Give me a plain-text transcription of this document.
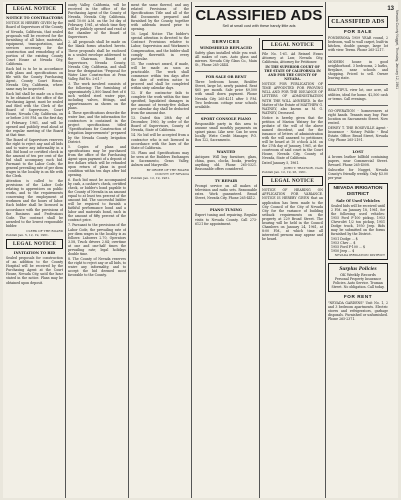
13
LEGAL NOTICE
NOTICE TO CONTRACTORS

NOTICE IS HEREBY GIVEN by the Board of Supervisors of the County of Nevada, California, that sealed proposals will be received for the furnishing of all labor, materials, equipment, transportation, and services necessary for the construction and remodeling of a portion of the existing County Court House at Nevada City, California.

Each bid is to be in accordance with plans and specifications on file with the County Purchasing Agent, County Court House, Nevada City, California, where same may be inspected.

Each bid shall be made on a form to be obtained at the office of the Purchasing Agent, must be sealed and filed with the Clerk of the Board of Supervisors, Court House, Nevada City, California, on or before 2:00 P.M. on the first day of February, 1961, and will be opened and publicly read aloud at the regular meeting of the Board at that time.

The Board of Supervisors reserves the right to reject any and all bids and to waive any informality in a bid. Bid bond or certified check in the amount of ten per cent of the bid shall accompany each bid. Pursuant to the Labor Code, the general prevailing rate of per diem wages in the locality is on file with the Clerk.

Attention is called to the provisions of the Labor Code relating to apprentices on public works, and to the requirements concerning the employment of workmen and the hours of labor. Each bidder shall be licensed in accordance with the provisions of the Business and Professions Code. The contract shall be awarded to the lowest responsible bidder.

CLERK OF THE BOARD
Publish Jan. 5, 12, 19, 1961.
LEGAL NOTICE
INVITATION TO BID

Sealed proposals for construction of an addition to the County Hospital will be received by the Purchasing Agent at the Court House, Nevada City, until the hour stated in the notice. Plans may be obtained upon deposit.

ounty Valley, California, will be received in the office of the Purchasing Agent of the County of Nevada, Nevada City, California, until 10:00 A.M. on the 1st day of February, 1961, at which time they will be publicly opened and read at the chamber of the Board of Supervisors.

2. All proposals shall be made on the blank forms attached hereto. These proposals shall be enclosed in a sealed envelope addressed to the Chairman, Board of Supervisors, Nevada County, Nevada City, California, and shall bear the designation "Proposal for Water Line Construction at Penn Valley, Bid No. 2-61."

3. The work involved consists of the following: The furnishing of approximately 2,800 lineal feet of 6 inch welded steel water pipe, including valves, fittings, and appurtenances as shown on the plans.

4. These specifications describe the water line, and the information for contractors is contained in the project specifications titled "Specifications for Construction of Irrigation Improvements" prepared by the Nevada County Irrigation District.

5. Copies of plans and specifications may be purchased from the office of the Purchasing Agent upon payment of a deposit of five dollars which will be refunded upon return of plans in good condition within ten days after bid opening.

6. Each bid must be accompanied by cash, a cashier's check, certified check, or bidder's bond payable to the County of Nevada in an amount equal to at least ten percent of the amount bid. The successful bidder will be required to furnish a faithful performance bond and a labor and materials bond, each in the amount of fifty percent of the contract price.

7. Pursuant to the provisions of the Labor Code, the prevailing rate of per diem wages in the locality is as follows: Laborers 2.70, Operators 3.58, Truck drivers 2.84; overtime at one and one-half times the prevailing rate; legal holidays double time.

8. The County of Nevada reserves the right to reject any or all bids, to waive any informality, and to accept the bid deemed most favorable to the County.

ment the same thereof, and any related Provisions of the Specifications Title and all of the Bid Documents prepared and furnished by the County, together with addenda issued prior to opening.

10. Legal Notice: The bidder's special attention is directed to the Contract Provisions relative to Labor, Supervision and Workmen's Compensation, and the bidder shall comply therewith in every particular.

11. The contract award, if made, will be made as soon as practicable. The work shall commence within ten days after the date of written notice to proceed and shall be completed within sixty calendar days.

12. If the contractor fails to complete the work within the time specified, liquidated damages in the amount of twenty-five dollars per calendar day shall be deducted from the amount due.

13. Dated this 28th day of December, 1960, by order of the Board of Supervisors, County of Nevada, State of California.

14. No bid will be accepted from a contractor who is not licensed in accordance with the laws of the State of California.

15. Plans and Specifications may be seen at the Builders Exchanges in Sacramento, Grass Valley, Auburn and Marysville.

BY ORDER OF THE BOARD
COUNTY OF NEVADA
Publish Jan. 12, 19, 1961.
CLASSIFIED ADS
Sell at small cost with these handy little ads
SERVICES
WINDSHIELD REPLACED

Safety glass installed while you wait. All makes of cars. Auto glass and mirrors. Nevada City Glass Co., Main St., Phone 265-2444.

FOR SALE OR RENT

Three bedroom house, Boulder Street, large lot, newly painted. Rent $65 per month. Sale price $9,500 with small down payment. Phone Nevada City 265-4211 after 5 P.M. Two bedroom cottage near schools available.

SPORT CONSOLE PIANO

Responsible party in this area to assume small monthly payments on spinet piano. Like new. Can be seen locally. Write Credit Manager, P.O. Box 122, Sacramento.

WANTED

Antiques: Will buy furniture, glass, china, guns, clocks, books, jewelry, anything old. Phone 265-5321. Reasonable offers considered.

TV REPAIR

Prompt service on all makes of television and radio sets. Reasonable rates. Work guaranteed. Broad Street, Nevada City. Phone 265-4412.

PIANO TUNING

Expert tuning and repairing. Regular visits to Nevada County. Call 273-6121 for appointment.

LEGAL NOTICE

File No. 1-61. Ad Reinsel Evans Attorney at Law, Nevada City, California, Attorney for Petitioner.

IN THE SUPERIOR COURT OF THE STATE OF CALIFORNIA IN AND FOR THE COUNTY OF NEVADA.

NOTICE FOR PUBLICATION OF TIME APPOINTED FOR PROVING WILL AND FOR THE ISSUANCE OF LETTERS OF ADMINISTRATION WITH THE WILL ANNEXED. In the Matter of the Estate of MATTHEW G. WATNEY, also known as M. G. WATNEY, Deceased.

Notice is hereby given that the petition of Marion Watney for the probate of the will of the above named decedent, and for the issuance of letters of administration with the will annexed to petitioner, will be heard at 10 o'clock A.M. on the 27th day of January, 1961, at the courtroom of said court in the Court House, Nevada City, County of Nevada, State of California.

Dated January 5, 1961.

JOHN T. TRAYNOR, Clerk
Publish Jan. 12, 19, 26, 1961.
LEGAL NOTICE

NOTICE OF HEARING ON APPLICATION FOR VARIANCE. NOTICE IS HEREBY GIVEN that an application has been made to the City Council of the City of Nevada City for the variance of building setback requirements on the property at 229 Broad Street. The hearing will be held in the Council Chambers on January 24, 1961, at 8:00 P.M., at which time all interested persons may appear and be heard.

CLASSIFIED ADS
FOR SALE

PONDEROSA 1959 YEAR round, 2 bedroom, wall to wall carpet, built-in kitchen, double garage, large lot with view. Terms. Phone 265-2217.

MODERN house in good neighborhood. 3 bedrooms, 2 baths, fireplace, near schools and shopping. Priced to sell. Owner leaving state.

BEAUTIFUL view lot, one acre, all utilities, ideal for home. $2,500 cash or terms. Call evenings.

GO-OPERATION - homeowners at right hands. Tenants may buy. Fine location on Sacramento Street. Now rented.

DEWEY T. THE ROSEVILLE Agent - Insurance - Notary Public - Real Estate. Office: Broad Street, Nevada City. Phone 265-2191.

LOST

A brown leather billfold containing papers, near Commercial Street. Reward. Phone 265-4008.

Subscribe for Nugget, Nevada County's friendly weekly. Only $3.00 per year.

NEVADA IRRIGATION DISTRICT
Sale Of Used Vehicles

Sealed bids will be received until 2 P.M. on January 18, 1961, for the following used vehicles: 1955 Ford F-100 pickup, 1953 Chevrolet 1/2 ton pickup, 1951 Dodge truck, 1950 Jeep. Bids may be submitted on the forms furnished by the District.

1951 Dodge ... $
1953 Chev ... $
1955 Ford F-100 ... $
1950 Jeep ... $
NEVADA IRRIGATION DISTRICT
Surplus Policies
OK Weekly Records
Personal Property Insurance Policies. Auto Service. Truman Street. No obligation. Call today.
FOR RENT

"NEVADA GARDENS" Unit No. 1, 2 and 3 bedroom apartments. Electric stoves and refrigerators, garbage disposals. Furnished or unfurnished. Phone 265-2371.

Nevada County Nugget, Thursday, January 12, 1961
